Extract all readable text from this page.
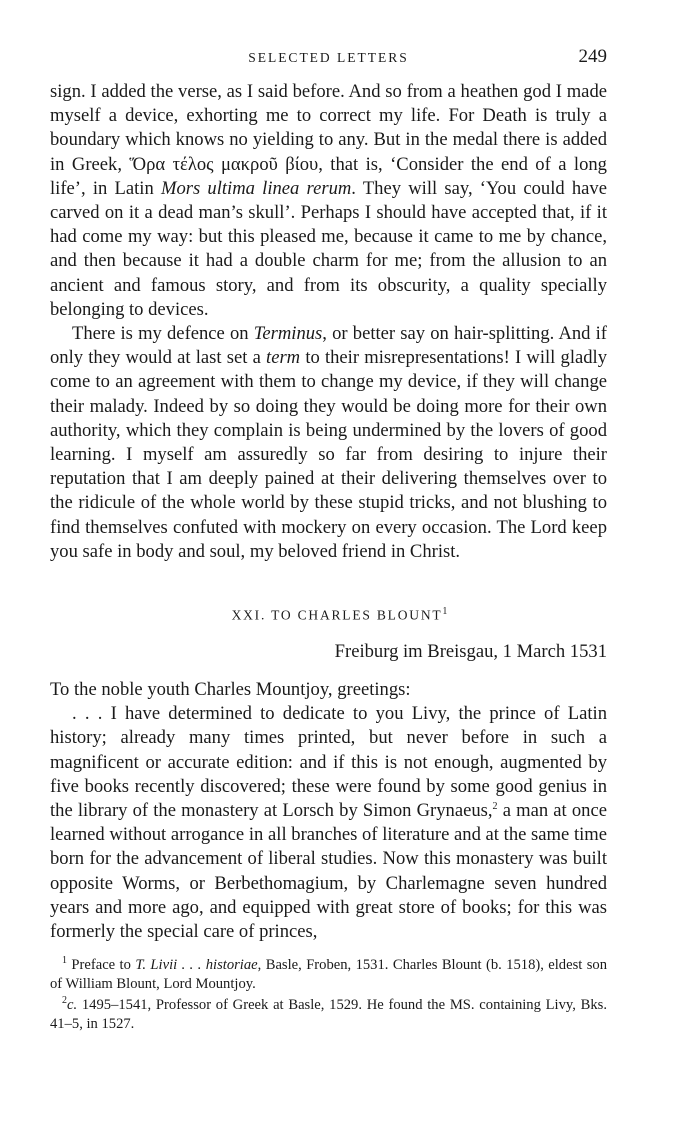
SELECTED LETTERS	249

sign. I added the verse, as I said before. And so from a heathen god I made myself a device, exhorting me to correct my life. For Death is truly a boundary which knows no yielding to any. But in the medal there is added in Greek, Ὅρα τέλος μακροῦ βίου, that is, ‘Consider the end of a long life’, in Latin Mors ultima linea rerum. They will say, ‘You could have carved on it a dead man’s skull’. Perhaps I should have accepted that, if it had come my way: but this pleased me, because it came to me by chance, and then because it had a double charm for me; from the allusion to an ancient and famous story, and from its obscurity, a quality specially belonging to devices.

There is my defence on Terminus, or better say on hair-splitting. And if only they would at last set a term to their misrepresentations! I will gladly come to an agreement with them to change my device, if they will change their malady. Indeed by so doing they would be doing more for their own authority, which they complain is being undermined by the lovers of good learning. I myself am assuredly so far from desiring to injure their reputation that I am deeply pained at their delivering themselves over to the ridicule of the whole world by these stupid tricks, and not blushing to find themselves confuted with mockery on every occasion. The Lord keep you safe in body and soul, my beloved friend in Christ.

XXI. TO CHARLES BLOUNT$^1$
Freiburg im Breisgau, 1 March 1531

To the noble youth Charles Mountjoy, greetings:

. . . I have determined to dedicate to you Livy, the prince of Latin history; already many times printed, but never before in such a magnificent or accurate edition: and if this is not enough, augmented by five books recently discovered; these were found by some good genius in the library of the monastery at Lorsch by Simon Grynaeus,$^2$ a man at once learned without arrogance in all branches of literature and at the same time born for the advancement of liberal studies. Now this monastery was built opposite Worms, or Berbethomagium, by Charlemagne seven hundred years and more ago, and equipped with great store of books; for this was formerly the special care of princes,

$^1$ Preface to T. Livii . . . historiae, Basle, Froben, 1531. Charles Blount (b. 1518), eldest son of William Blount, Lord Mountjoy.

$^2$c. 1495–1541, Professor of Greek at Basle, 1529. He found the MS. containing Livy, Bks. 41–5, in 1527.
